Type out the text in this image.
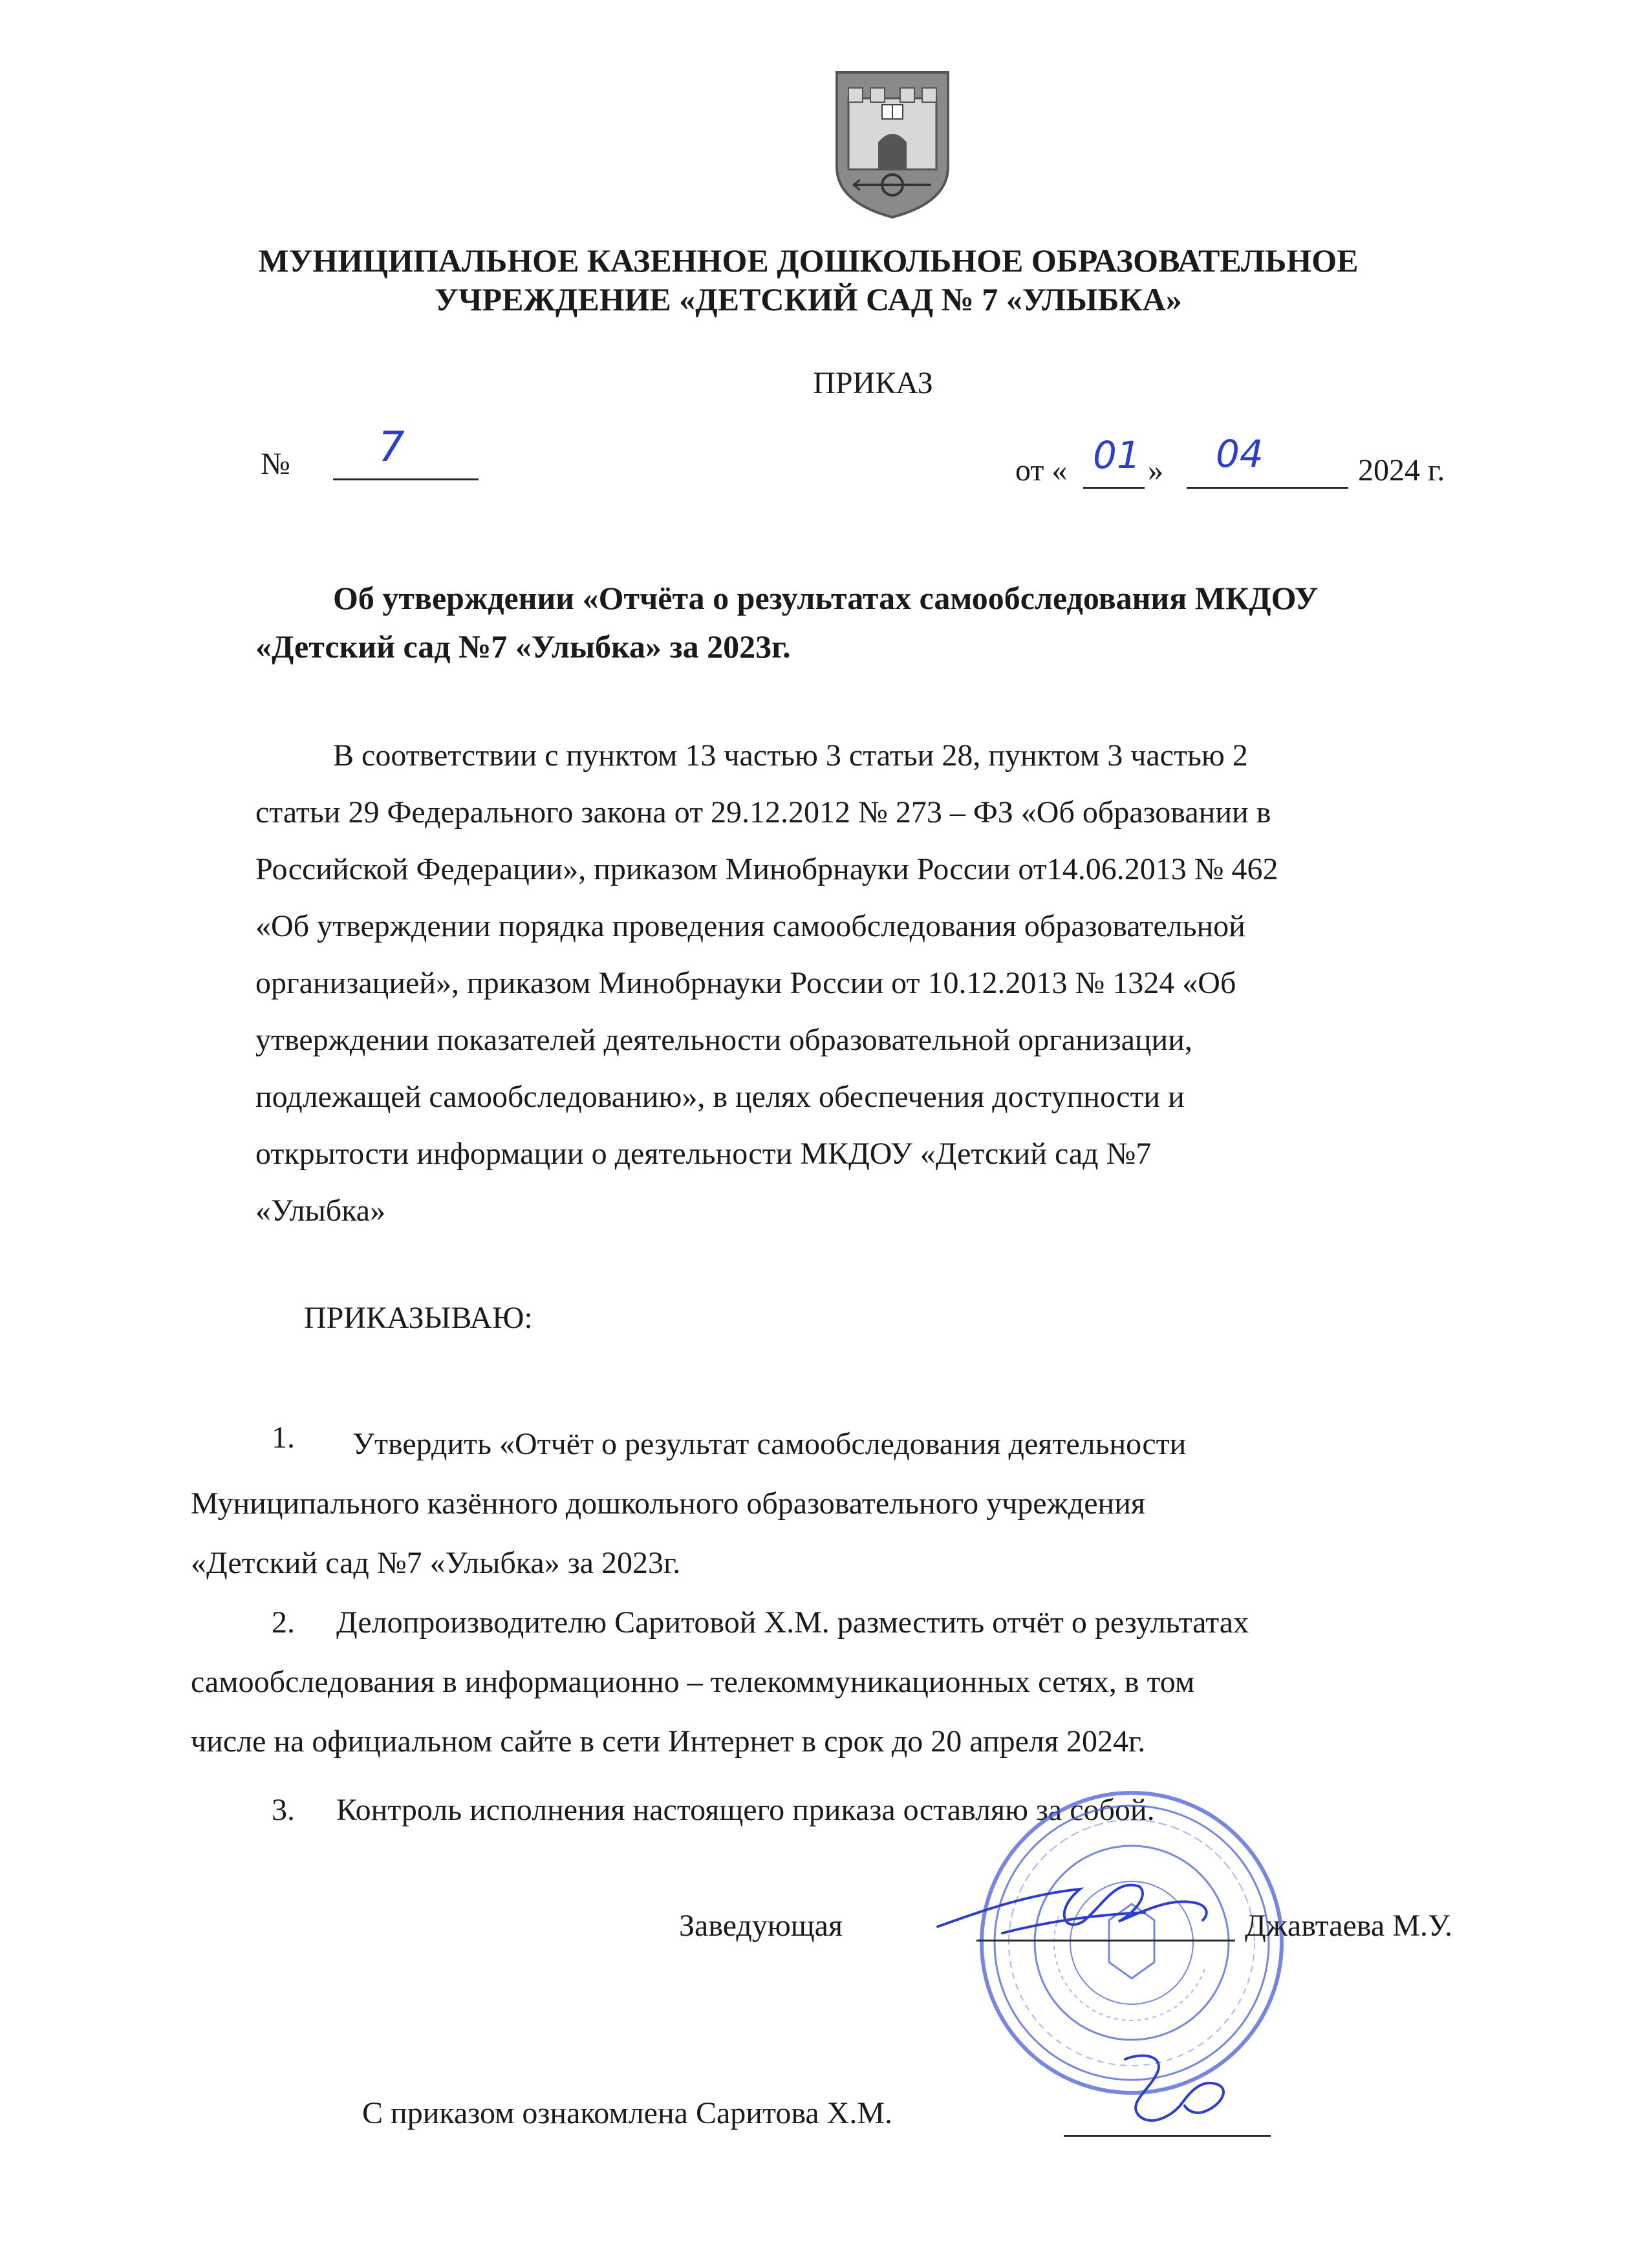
МУНИЦИПАЛЬНОЕ КАЗЕННОЕ ДОШКОЛЬНОЕ ОБРАЗОВАТЕЛЬНОЕ
УЧРЕЖДЕНИЕ «ДЕТСКИЙ САД № 7 «УЛЫБКА»
ПРИКАЗ
№ 7	от « 01 » 04	2024 г.
Об утверждении «Отчёта о результатах самообследования МКДОУ
«Детский сад №7 «Улыбка» за 2023г.
В соответствии с пунктом 13 частью 3 статьи 28, пунктом 3 частью 2
статьи 29 Федерального закона от 29.12.2012 № 273 – ФЗ «Об образовании в
Российской Федерации», приказом Минобрнауки России от14.06.2013 № 462
«Об утверждении порядка проведения самообследования образовательной
организацией», приказом Минобрнауки России от 10.12.2013 № 1324 «Об
утверждении показателей деятельности образовательной организации,
подлежащей самообследованию», в целях обеспечения доступности и
открытости информации о деятельности МКДОУ «Детский сад №7
«Улыбка»
ПРИКАЗЫВАЮ:
1. Утвердить «Отчёт о результат самообследования деятельности
Муниципального казённого дошкольного образовательного учреждения
«Детский сад №7 «Улыбка» за 2023г.
2. Делопроизводителю Саритовой Х.М. разместить отчёт о результатах
самообследования в информационно – телекоммуникационных сетях, в том
числе на официальном сайте в сети Интернет в срок до 20 апреля 2024г.
3. Контроль исполнения настоящего приказа оставляю за собой.
Заведующая	Джавтаева М.У.
С приказом ознакомлена Саритова Х.М.
